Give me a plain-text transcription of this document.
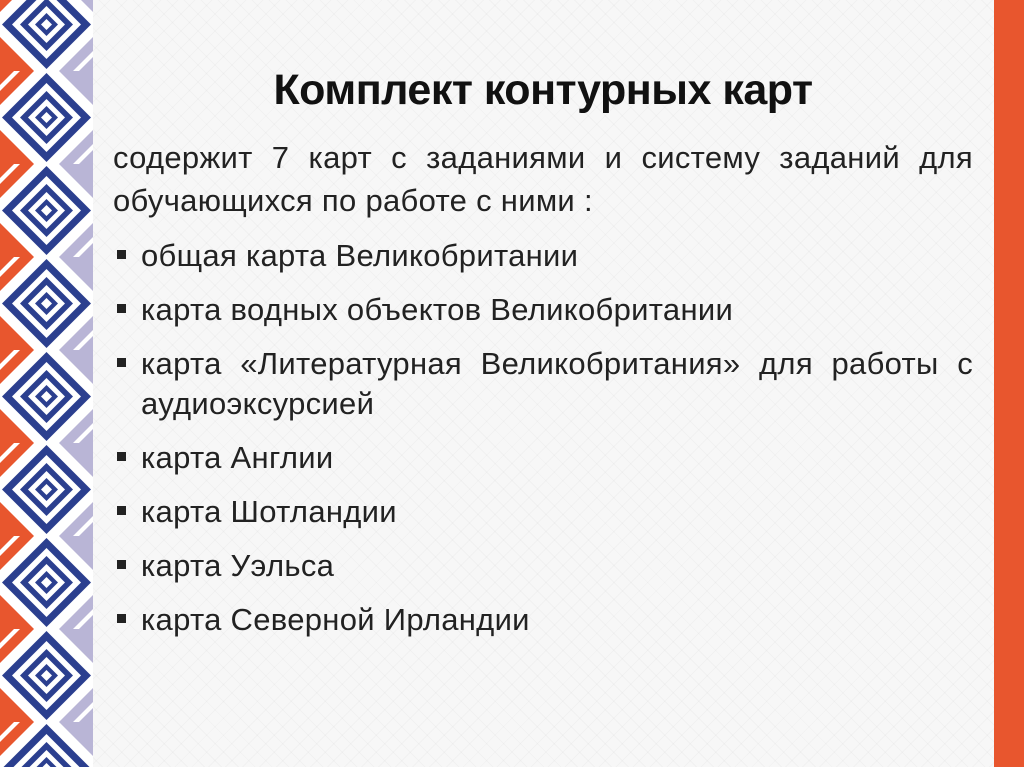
Комплект контурных карт

содержит 7 карт с заданиями и систему заданий для обучающихся по работе с ними :

общая карта Великобритании
карта водных объектов Великобритании
карта «Литературная Великобритания» для работы с аудиоэксурсией
карта Англии
карта Шотландии
карта Уэльса
карта Северной Ирландии
